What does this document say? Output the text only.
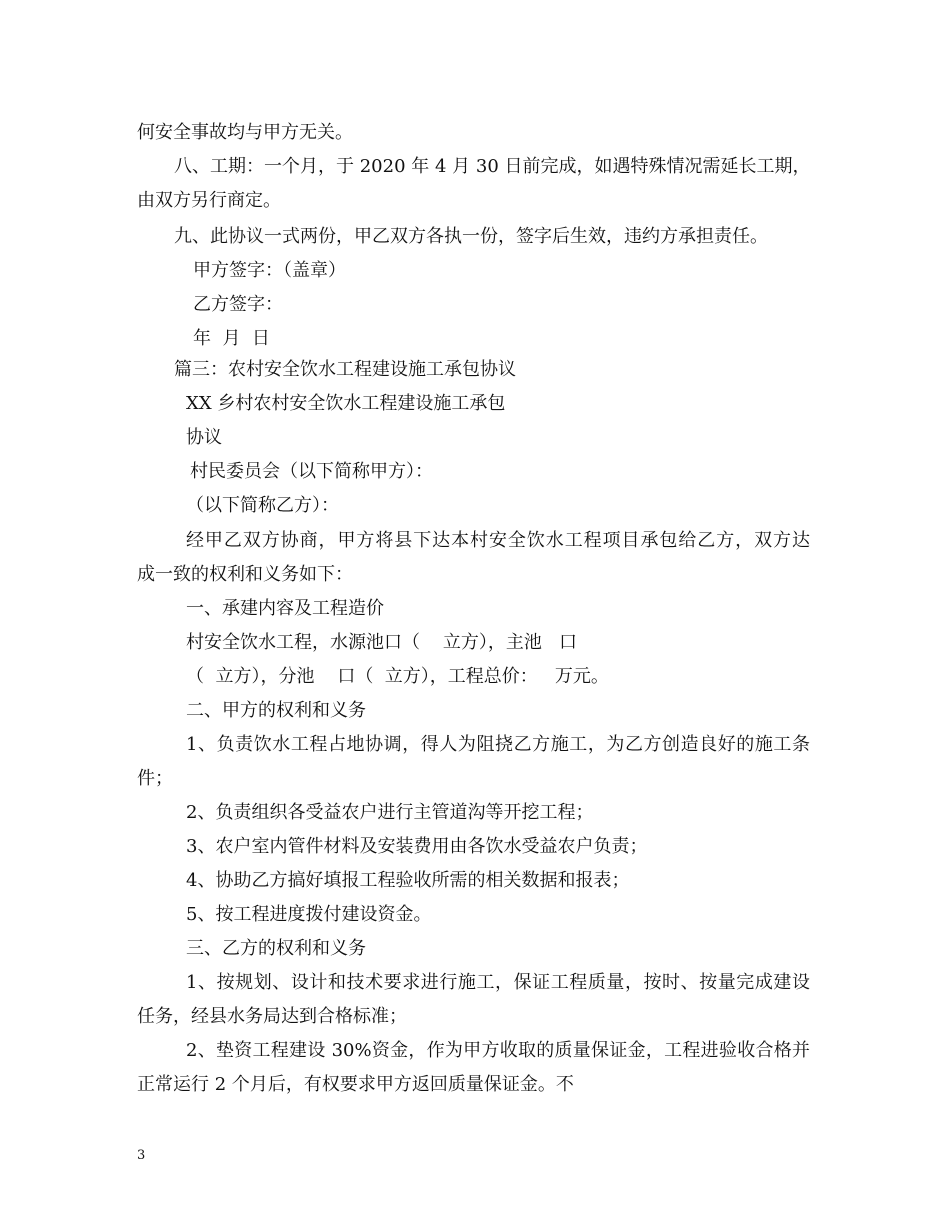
何安全事故均与甲方无关。
八、工期：一个月，于 2020 年 4 月 30 日前完成，如遇特殊情况需延长工期，
由双方另行商定。
九、此协议一式两份，甲乙双方各执一份，签字后生效，违约方承担责任。
甲方签字：（盖章）
乙方签字：
年  月  日
篇三：农村安全饮水工程建设施工承包协议
XX 乡村农村安全饮水工程建设施工承包
协议
村民委员会（以下简称甲方）：
（以下简称乙方）：
经甲乙双方协商，甲方将县下达本村安全饮水工程项目承包给乙方，双方达
成一致的权利和义务如下：
一、承建内容及工程造价
村安全饮水工程，水源池口（    立方），主池   口
（  立方），分池    口（  立方），工程总价：   万元。
二、甲方的权利和义务
1、负责饮水工程占地协调，得人为阻挠乙方施工，为乙方创造良好的施工条
件；
2、负责组织各受益农户进行主管道沟等开挖工程；
3、农户室内管件材料及安装费用由各饮水受益农户负责；
4、协助乙方搞好填报工程验收所需的相关数据和报表；
5、按工程进度拨付建设资金。
三、乙方的权利和义务
1、按规划、设计和技术要求进行施工，保证工程质量，按时、按量完成建设
任务，经县水务局达到合格标准；
2、垫资工程建设 30%资金，作为甲方收取的质量保证金，工程进验收合格并
正常运行 2 个月后，有权要求甲方返回质量保证金。不
3
